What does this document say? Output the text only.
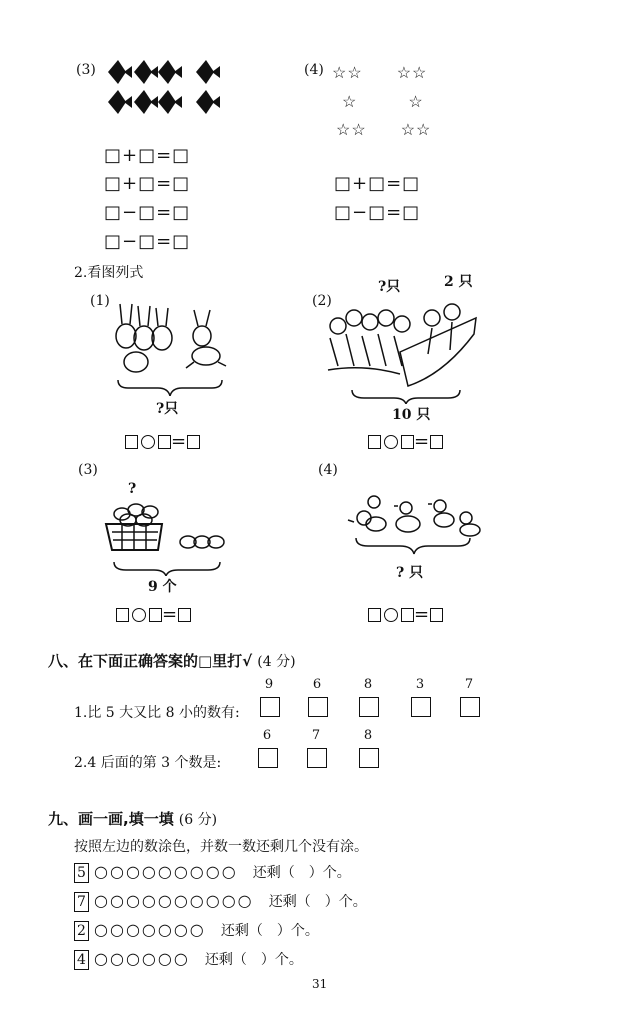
(3)
□+□=□
□+□=□
□−□=□
□−□=□
(4) ☆☆　　☆☆
☆　　　☆
☆☆　　☆☆
□+□=□
□−□=□
2.看图列式
(1)
?只
=
(2)
?只	2 只
10 只
=
(3)
?
9 个
=
(4)
? 只
=
八、在下面正确答案的□里打√ (4 分)
1.比 5 大又比 8 小的数有:
9	6	8	3	7
2.4 后面的第 3 个数是:
6	7	8
九、画一画,填一填 (6 分)
按照左边的数涂色，并数一数还剩几个没有涂。
5 ○○○○○○○○○ 还剩（　）个。
7 ○○○○○○○○○○ 还剩（　）个。
2 ○○○○○○○ 还剩（　）个。
4 ○○○○○○ 还剩（　）个。
31
